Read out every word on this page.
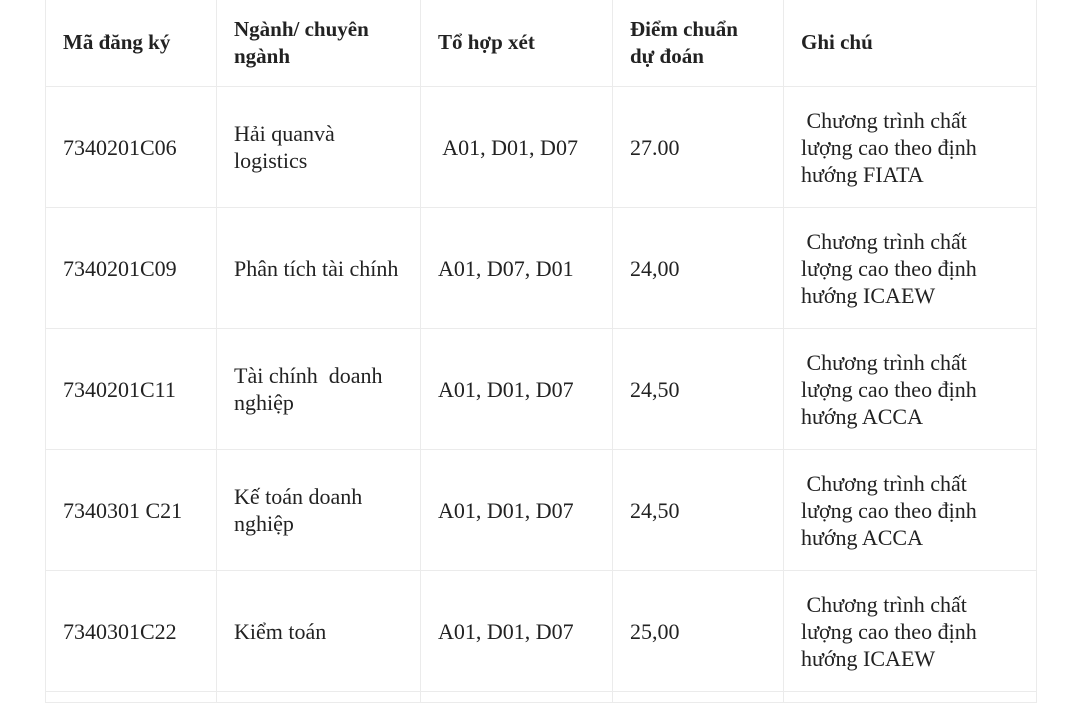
Mã đăng ký	Ngành/ chuyên ngành	Tổ hợp xét	Điểm chuẩn dự đoán	Ghi chú
7340201C06	Hải quanvà logistics	A01, D01, D07	27.00	Chương trình chất lượng cao theo định hướng FIATA

7340201C09	Phân tích tài chính	A01, D07, D01	24,00	Chương trình chất lượng cao theo định hướng ICAEW

7340201C11	Tài chính  doanh nghiệp	A01, D01, D07	24,50	Chương trình chất lượng cao theo định hướng ACCA

7340301 C21	Kế toán doanh nghiệp	A01, D01, D07	24,50	Chương trình chất lượng cao theo định hướng ACCA

7340301C22	Kiểm toán	A01, D01, D07	25,00	Chương trình chất lượng cao theo định hướng ICAEW
